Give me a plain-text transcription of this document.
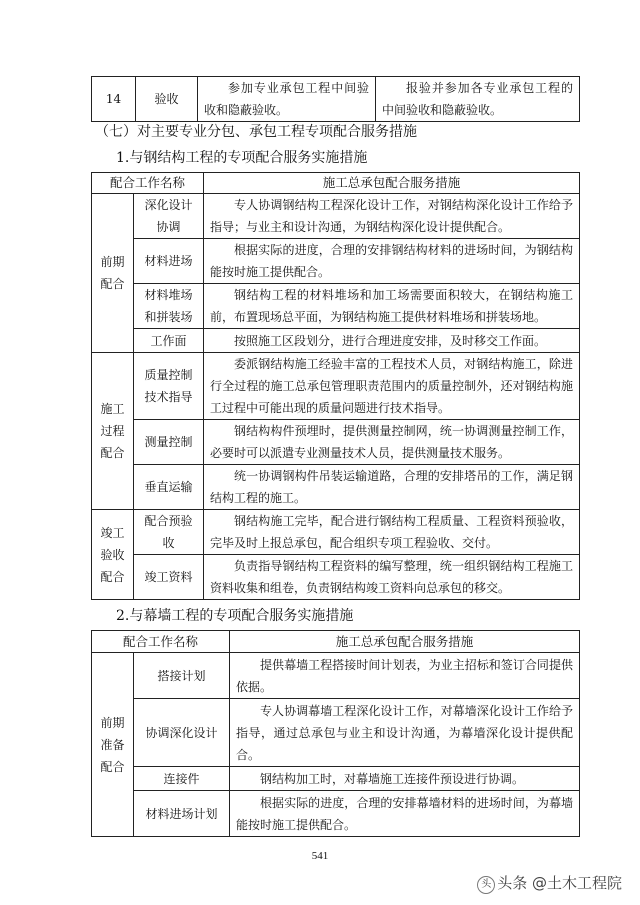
14	验收	参加专业承包工程中间验收和隐蔽验收。	报验并参加各专业承包工程的中间验收和隐蔽验收。
（七）对主要专业分包、承包工程专项配合服务措施
1.与钢结构工程的专项配合服务实施措施
配合工作名称		施工总承包配合服务措施
前期配合	深化设计协调	专人协调钢结构工程深化设计工作，对钢结构深化设计工作给予指导；与业主和设计沟通，为钢结构深化设计提供配合。
	材料进场	根据实际的进度，合理的安排钢结构材料的进场时间，为钢结构能按时施工提供配合。
	材料堆场和拼装场	钢结构工程的材料堆场和加工场需要面积较大，在钢结构施工前，布置现场总平面，为钢结构施工提供材料堆场和拼装场地。
	工作面	按照施工区段划分，进行合理进度安排，及时移交工作面。
施工过程配合	质量控制技术指导	委派钢结构施工经验丰富的工程技术人员，对钢结构施工，除进行全过程的施工总承包管理职责范围内的质量控制外，还对钢结构施工过程中可能出现的质量问题进行技术指导。
	测量控制	钢结构构件预埋时，提供测量控制网，统一协调测量控制工作，必要时可以派遣专业测量技术人员，提供测量技术服务。
	垂直运输	统一协调钢构件吊装运输道路，合理的安排塔吊的工作，满足钢结构工程的施工。
竣工验收配合	配合预验收	钢结构施工完毕，配合进行钢结构工程质量、工程资料预验收，完毕及时上报总承包，配合组织专项工程验收、交付。
	竣工资料	负责指导钢结构工程资料的编写整理，统一组织钢结构工程施工资料收集和组卷，负责钢结构竣工资料向总承包的移交。
2.与幕墙工程的专项配合服务实施措施
配合工作名称		施工总承包配合服务措施
前期准备配合	搭接计划	提供幕墙工程搭接时间计划表，为业主招标和签订合同提供依据。
	协调深化设计	专人协调幕墙工程深化设计工作，对幕墙深化设计工作给予指导，通过总承包与业主和设计沟通，为幕墙深化设计提供配合。
	连接件	钢结构加工时，对幕墙施工连接件预设进行协调。
	材料进场计划	根据实际的进度，合理的安排幕墙材料的进场时间，为幕墙能按时施工提供配合。
541
头 头条 @土木工程院
